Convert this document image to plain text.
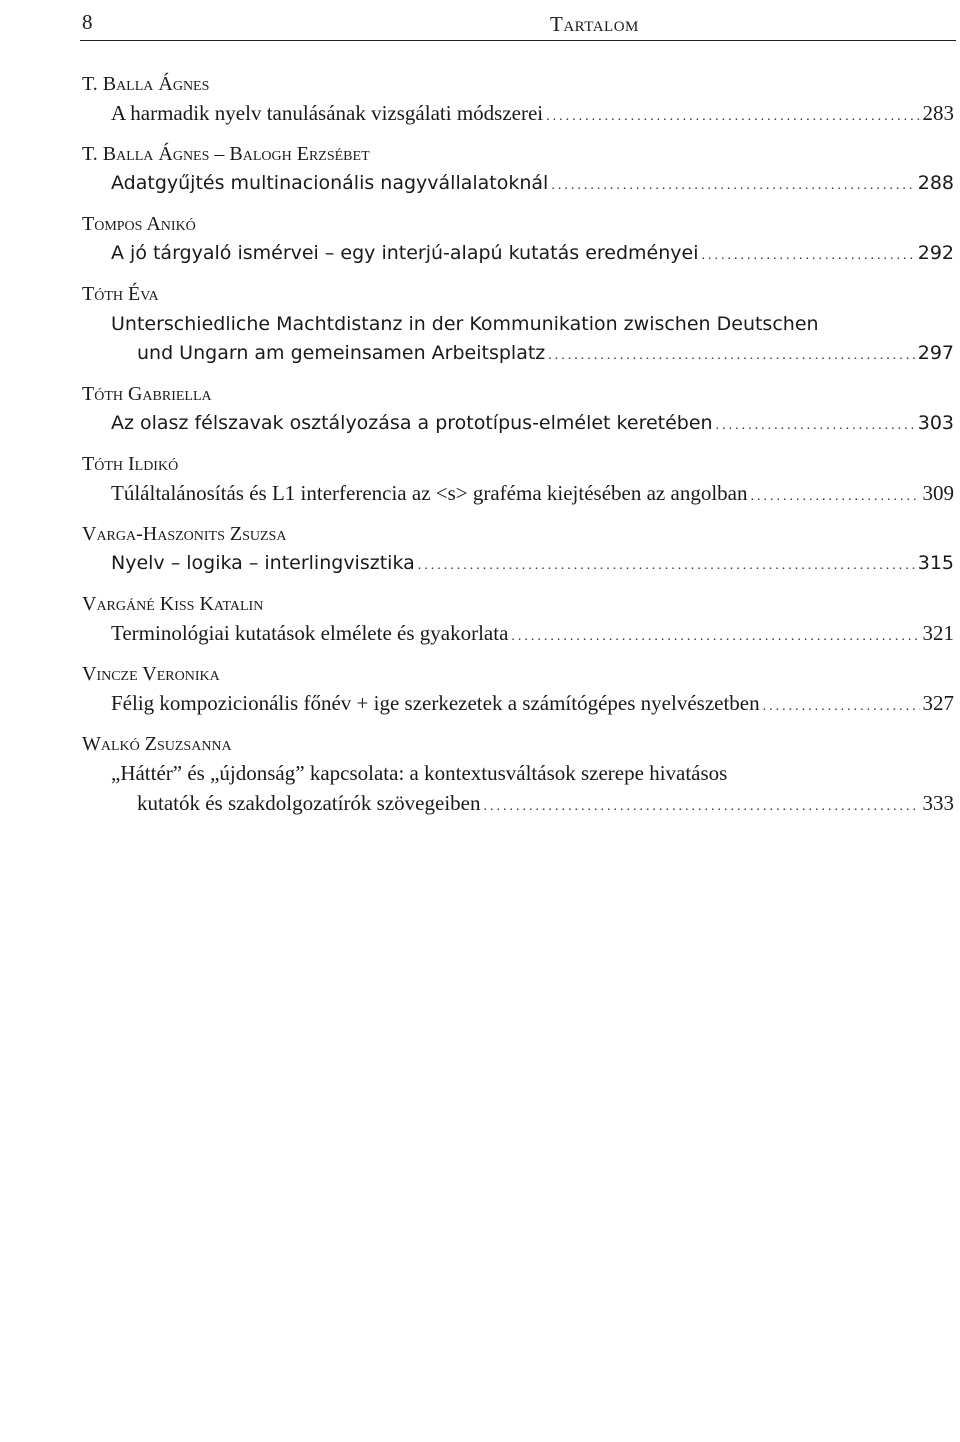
8	Tartalom
T. Balla Ágnes
A harmadik nyelv tanulásának vizsgálati módszerei .....	283
T. Balla Ágnes – Balogh Erzsébet
Adatgyűjtés multinacionális nagyvállalatoknál .....	288
Tompos Anikó
A jó tárgyaló ismérvei – egy interjú-alapú kutatás eredményei .....	292
Tóth Éva
Unterschiedliche Machtdistanz in der Kommunikation zwischen Deutschen
und Ungarn am gemeinsamen Arbeitsplatz .....	297
Tóth Gabriella
Az olasz félszavak osztályozása a prototípus-elmélet keretében .....	303
Tóth Ildikó
Túláltalánosítás és L1 interferencia az <s> graféma kiejtésében az angolban .....	309
Varga-Haszonits Zsuzsa
Nyelv – logika – interlingvisztika .....	315
Vargáné Kiss Katalin
Terminológiai kutatások elmélete és gyakorlata .....	321
Vincze Veronika
Félig kompozicionális főnév + ige szerkezetek a számítógépes nyelvészetben .....	327
Walkó Zsuzsanna
„Háttér” és „újdonság” kapcsolata: a kontextusváltások szerepe hivatásos
kutatók és szakdolgozatírók szövegeiben .....	333
